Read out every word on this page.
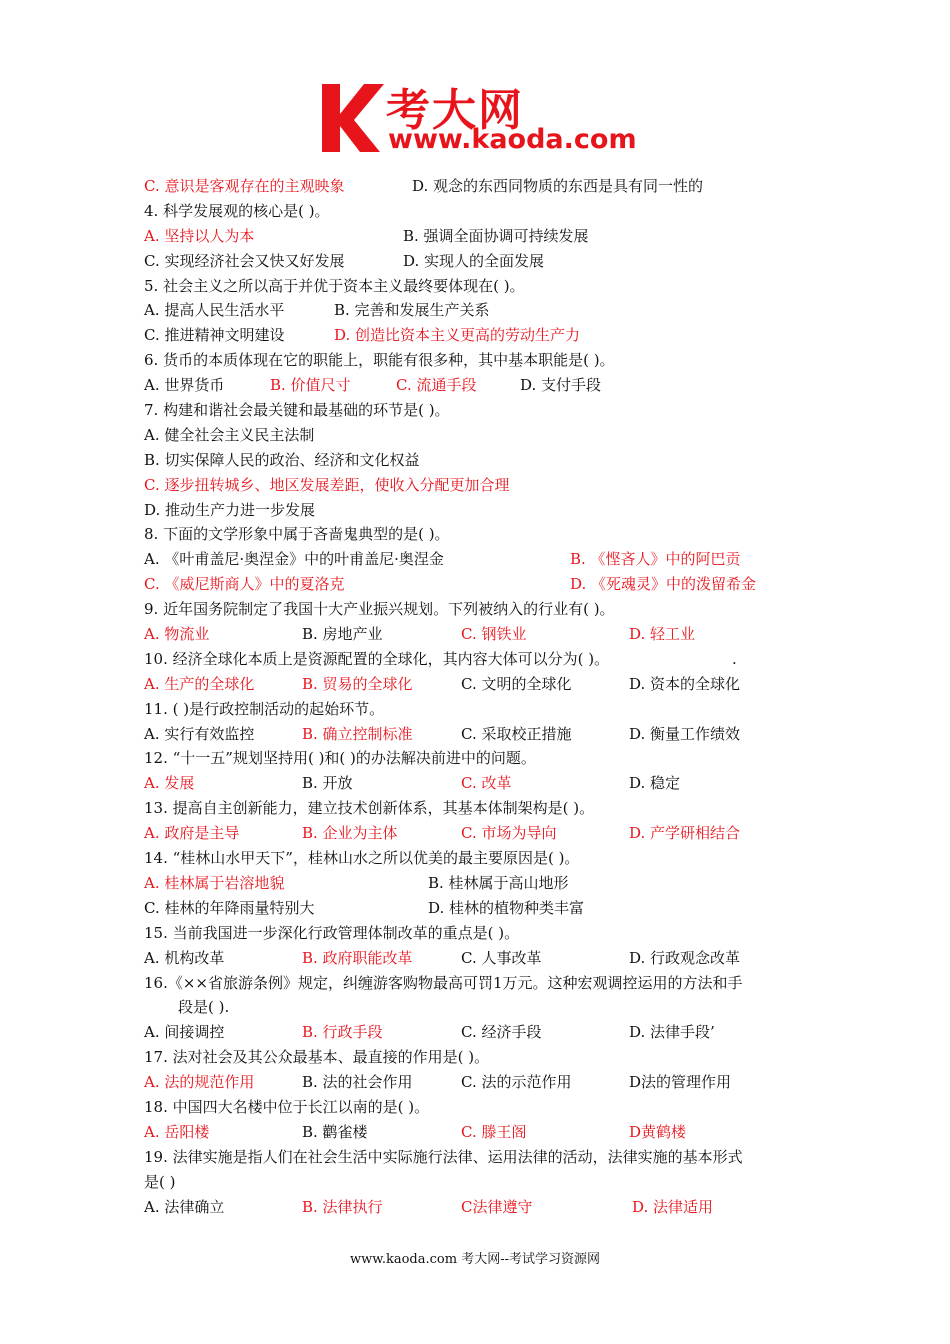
考大网
www.kaoda.com
C. 意识是客观存在的主观映象	D. 观念的东西同物质的东西是具有同一性的
4. 科学发展观的核心是( )。
A. 坚持以人为本	B. 强调全面协调可持续发展
C. 实现经济社会又快又好发展	D. 实现人的全面发展
5. 社会主义之所以高于并优于资本主义最终要体现在( )。
A. 提高人民生活水平	B. 完善和发展生产关系
C. 推进精神文明建设	D. 创造比资本主义更高的劳动生产力
6. 货币的本质体现在它的职能上，职能有很多种，其中基本职能是( )。
A. 世界货币	B. 价值尺寸	C. 流通手段	D. 支付手段
7. 构建和谐社会最关键和最基础的环节是( )。
A. 健全社会主义民主法制
B. 切实保障人民的政治、经济和文化权益
C. 逐步扭转城乡、地区发展差距，使收入分配更加合理
D. 推动生产力进一步发展
8. 下面的文学形象中属于吝啬鬼典型的是( )。
A. 《叶甫盖尼·奥涅金》中的叶甫盖尼·奥涅金	B. 《悭吝人》中的阿巴贡
C. 《威尼斯商人》中的夏洛克	D. 《死魂灵》中的泼留希金
9. 近年国务院制定了我国十大产业振兴规划。下列被纳入的行业有( )。
A. 物流业	B. 房地产业	C. 钢铁业	D. 轻工业
10. 经济全球化本质上是资源配置的全球化，其内容大体可以分为( )。	.
A. 生产的全球化	B. 贸易的全球化	C. 文明的全球化	D. 资本的全球化
11. ( )是行政控制活动的起始环节。
A. 实行有效监控	B. 确立控制标准	C. 采取校正措施	D. 衡量工作绩效
12. “十一五”规划坚持用( )和( )的办法解决前进中的问题。
A. 发展	B. 开放	C. 改革	D. 稳定
13. 提高自主创新能力，建立技术创新体系，其基本体制架构是( )。
A. 政府是主导	B. 企业为主体	C. 市场为导向	D. 产学研相结合
14. “桂林山水甲天下”，桂林山水之所以优美的最主要原因是( )。
A. 桂林属于岩溶地貌	B. 桂林属于高山地形
C. 桂林的年降雨量特别大	D. 桂林的植物种类丰富
15. 当前我国进一步深化行政管理体制改革的重点是( )。
A. 机构改革	B. 政府职能改革	C. 人事改革	D. 行政观念改革
16.《××省旅游条例》规定，纠缠游客购物最高可罚1万元。这种宏观调控运用的方法和手
段是( ).
A. 间接调控	B. 行政手段	C. 经济手段	D. 法律手段’
17. 法对社会及其公众最基本、最直接的作用是( )。
A. 法的规范作用	B. 法的社会作用	C. 法的示范作用	D法的管理作用
18. 中国四大名楼中位于长江以南的是( )。
A. 岳阳楼	B. 鹳雀楼	C. 滕王阁	D黄鹤楼
19. 法律实施是指人们在社会生活中实际施行法律、运用法律的活动，法律实施的基本形式
是( )
A. 法律确立	B. 法律执行	C法律遵守	D. 法律适用
www.kaoda.com 考大网--考试学习资源网
